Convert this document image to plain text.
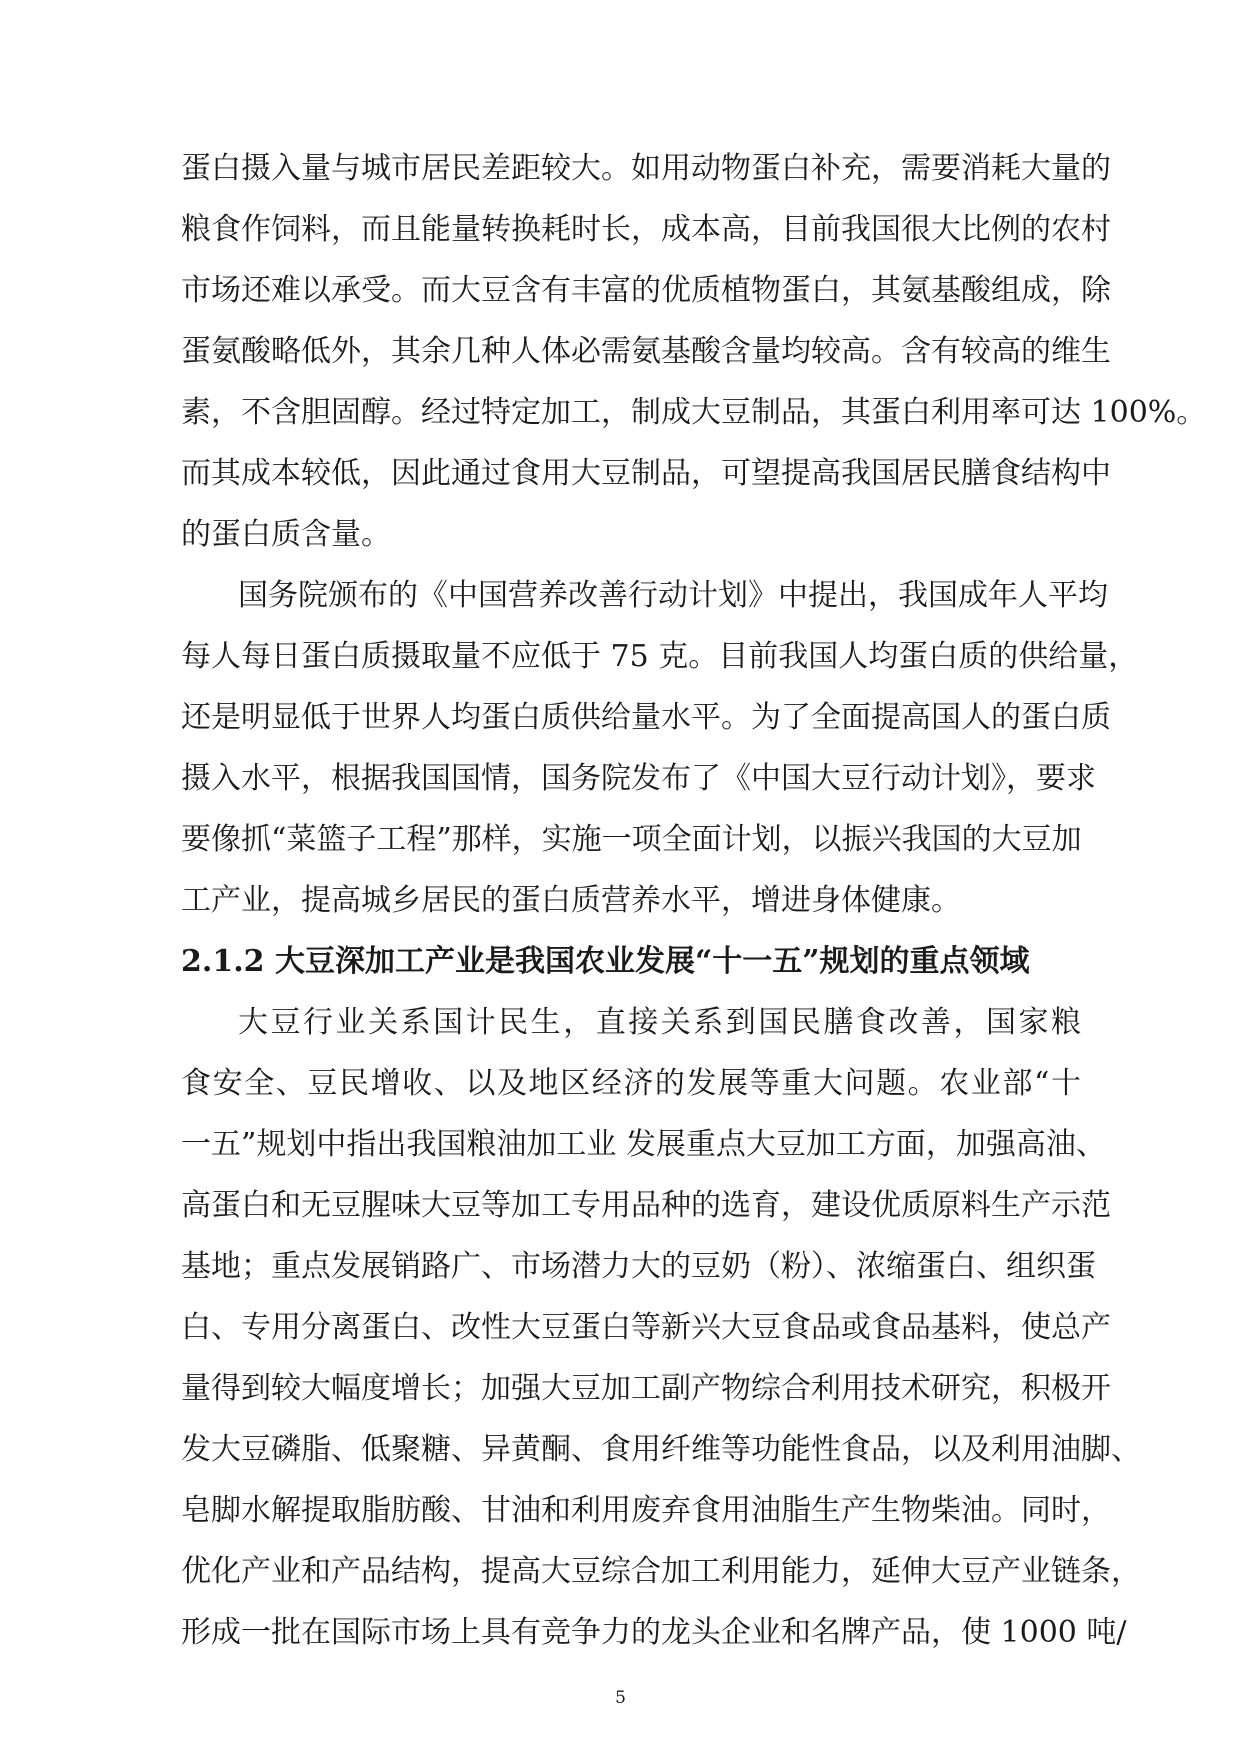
蛋白摄入量与城市居民差距较大。如用动物蛋白补充，需要消耗大量的
粮食作饲料，而且能量转换耗时长，成本高，目前我国很大比例的农村
市场还难以承受。而大豆含有丰富的优质植物蛋白，其氨基酸组成，除
蛋氨酸略低外，其余几种人体必需氨基酸含量均较高。含有较高的维生
素，不含胆固醇。经过特定加工，制成大豆制品，其蛋白利用率可达 100%。
而其成本较低，因此通过食用大豆制品，可望提高我国居民膳食结构中
的蛋白质含量。
国务院颁布的《中国营养改善行动计划》中提出，我国成年人平均
每人每日蛋白质摄取量不应低于 75 克。目前我国人均蛋白质的供给量，
还是明显低于世界人均蛋白质供给量水平。为了全面提高国人的蛋白质
摄入水平，根据我国国情，国务院发布了《中国大豆行动计划》，要求
要像抓“菜篮子工程”那样，实施一项全面计划，以振兴我国的大豆加
工产业，提高城乡居民的蛋白质营养水平，增进身体健康。
2.1.2 大豆深加工产业是我国农业发展“十一五”规划的重点领域
大豆行业关系国计民生，直接关系到国民膳食改善，国家粮
食安全、豆民增收、以及地区经济的发展等重大问题。农业部“十
一五”规划中指出我国粮油加工业 发展重点大豆加工方面，加强高油、
高蛋白和无豆腥味大豆等加工专用品种的选育，建设优质原料生产示范
基地；重点发展销路广、市场潜力大的豆奶（粉）、浓缩蛋白、组织蛋
白、专用分离蛋白、改性大豆蛋白等新兴大豆食品或食品基料，使总产
量得到较大幅度增长；加强大豆加工副产物综合利用技术研究，积极开
发大豆磷脂、低聚糖、异黄酮、食用纤维等功能性食品，以及利用油脚、
皂脚水解提取脂肪酸、甘油和利用废弃食用油脂生产生物柴油。同时，
优化产业和产品结构，提高大豆综合加工利用能力，延伸大豆产业链条，
形成一批在国际市场上具有竞争力的龙头企业和名牌产品，使 1000 吨/
5
